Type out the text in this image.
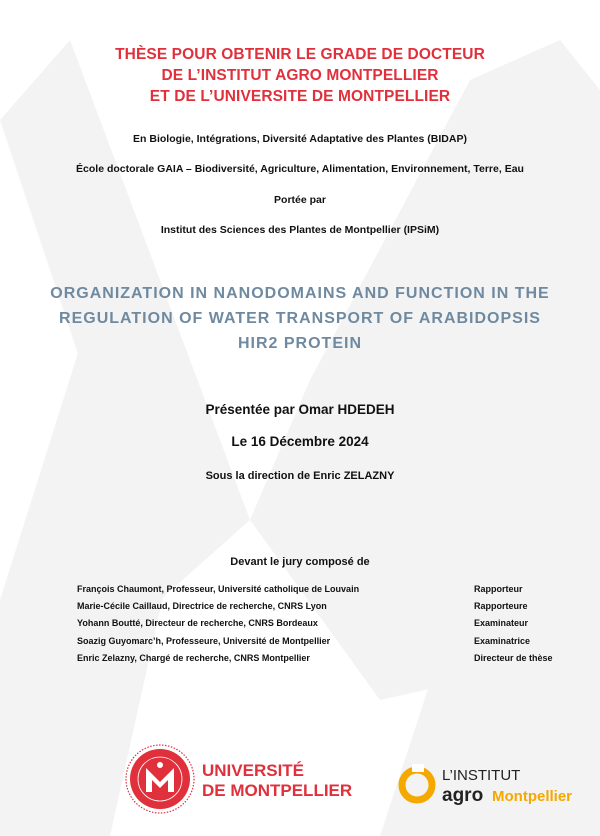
THÈSE POUR OBTENIR LE GRADE DE DOCTEUR
DE L’INSTITUT AGRO MONTPELLIER
ET DE L’UNIVERSITE DE MONTPELLIER
En Biologie, Intégrations, Diversité Adaptative des Plantes (BIDAP)
École doctorale GAIA – Biodiversité, Agriculture, Alimentation, Environnement, Terre, Eau
Portée par
Institut des Sciences des Plantes de Montpellier (IPSiM)
ORGANIZATION IN NANODOMAINS AND FUNCTION IN THE
REGULATION OF WATER TRANSPORT OF ARABIDOPSIS
HIR2 PROTEIN
Présentée par Omar HDEDEH
Le 16 Décembre 2024
Sous la direction de Enric ZELAZNY
Devant le jury composé de
François Chaumont, Professeur, Université catholique de Louvain	Rapporteur
Marie-Cécile Caillaud, Directrice de recherche, CNRS Lyon	Rapporteure
Yohann Boutté, Directeur de recherche, CNRS Bordeaux	Examinateur
Soazig Guyomarc’h, Professeure, Université de Montpellier	Examinatrice
Enric Zelazny, Chargé de recherche, CNRS Montpellier	Directeur de thèse
UNIVERSITÉ
DE MONTPELLIER
L’INSTITUT
agro Montpellier
